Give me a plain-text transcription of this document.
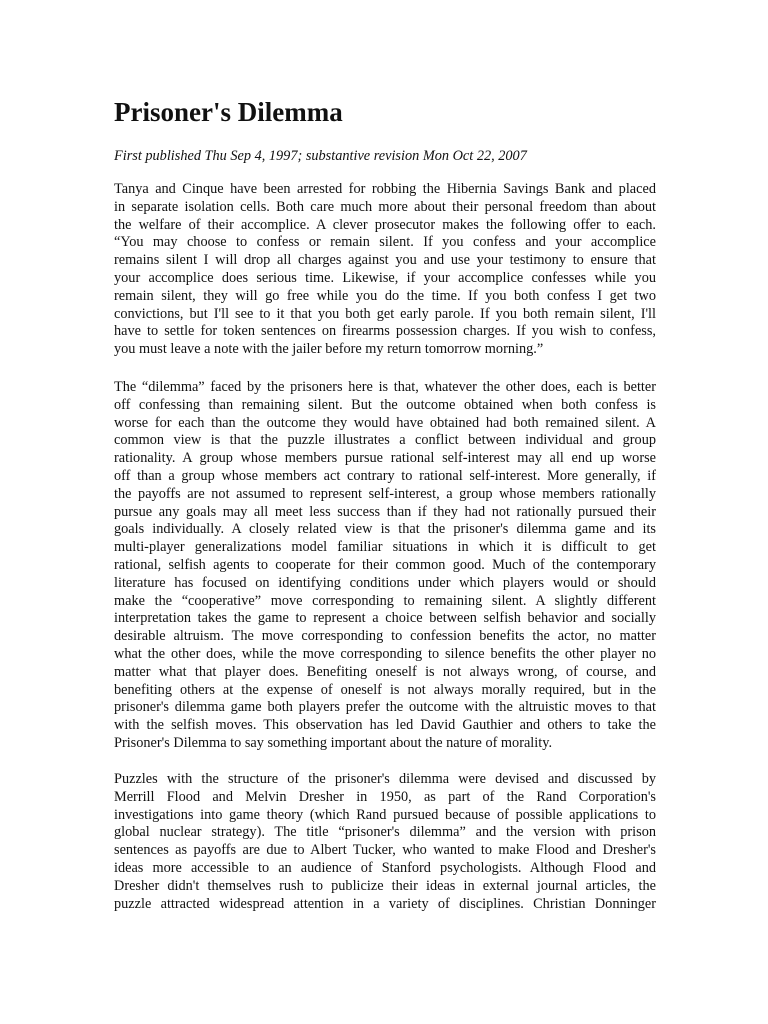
Prisoner's Dilemma

First published Thu Sep 4, 1997; substantive revision Mon Oct 22, 2007

Tanya and Cinque have been arrested for robbing the Hibernia Savings Bank and placed
in separate isolation cells. Both care much more about their personal freedom than about
the welfare of their accomplice. A clever prosecutor makes the following offer to each.
“You may choose to confess or remain silent. If you confess and your accomplice
remains silent I will drop all charges against you and use your testimony to ensure that
your accomplice does serious time. Likewise, if your accomplice confesses while you
remain silent, they will go free while you do the time. If you both confess I get two
convictions, but I'll see to it that you both get early parole. If you both remain silent, I'll
have to settle for token sentences on firearms possession charges. If you wish to confess,
you must leave a note with the jailer before my return tomorrow morning.”
The “dilemma” faced by the prisoners here is that, whatever the other does, each is better
off confessing than remaining silent. But the outcome obtained when both confess is
worse for each than the outcome they would have obtained had both remained silent. A
common view is that the puzzle illustrates a conflict between individual and group
rationality. A group whose members pursue rational self-interest may all end up worse
off than a group whose members act contrary to rational self-interest. More generally, if
the payoffs are not assumed to represent self-interest, a group whose members rationally
pursue any goals may all meet less success than if they had not rationally pursued their
goals individually. A closely related view is that the prisoner's dilemma game and its
multi-player generalizations model familiar situations in which it is difficult to get
rational, selfish agents to cooperate for their common good. Much of the contemporary
literature has focused on identifying conditions under which players would or should
make the “cooperative” move corresponding to remaining silent. A slightly different
interpretation takes the game to represent a choice between selfish behavior and socially
desirable altruism. The move corresponding to confession benefits the actor, no matter
what the other does, while the move corresponding to silence benefits the other player no
matter what that player does. Benefiting oneself is not always wrong, of course, and
benefiting others at the expense of oneself is not always morally required, but in the
prisoner's dilemma game both players prefer the outcome with the altruistic moves to that
with the selfish moves. This observation has led David Gauthier and others to take the
Prisoner's Dilemma to say something important about the nature of morality.
Puzzles with the structure of the prisoner's dilemma were devised and discussed by
Merrill Flood and Melvin Dresher in 1950, as part of the Rand Corporation's
investigations into game theory (which Rand pursued because of possible applications to
global nuclear strategy). The title “prisoner's dilemma” and the version with prison
sentences as payoffs are due to Albert Tucker, who wanted to make Flood and Dresher's
ideas more accessible to an audience of Stanford psychologists. Although Flood and
Dresher didn't themselves rush to publicize their ideas in external journal articles, the
puzzle attracted widespread attention in a variety of disciplines. Christian Donninger
